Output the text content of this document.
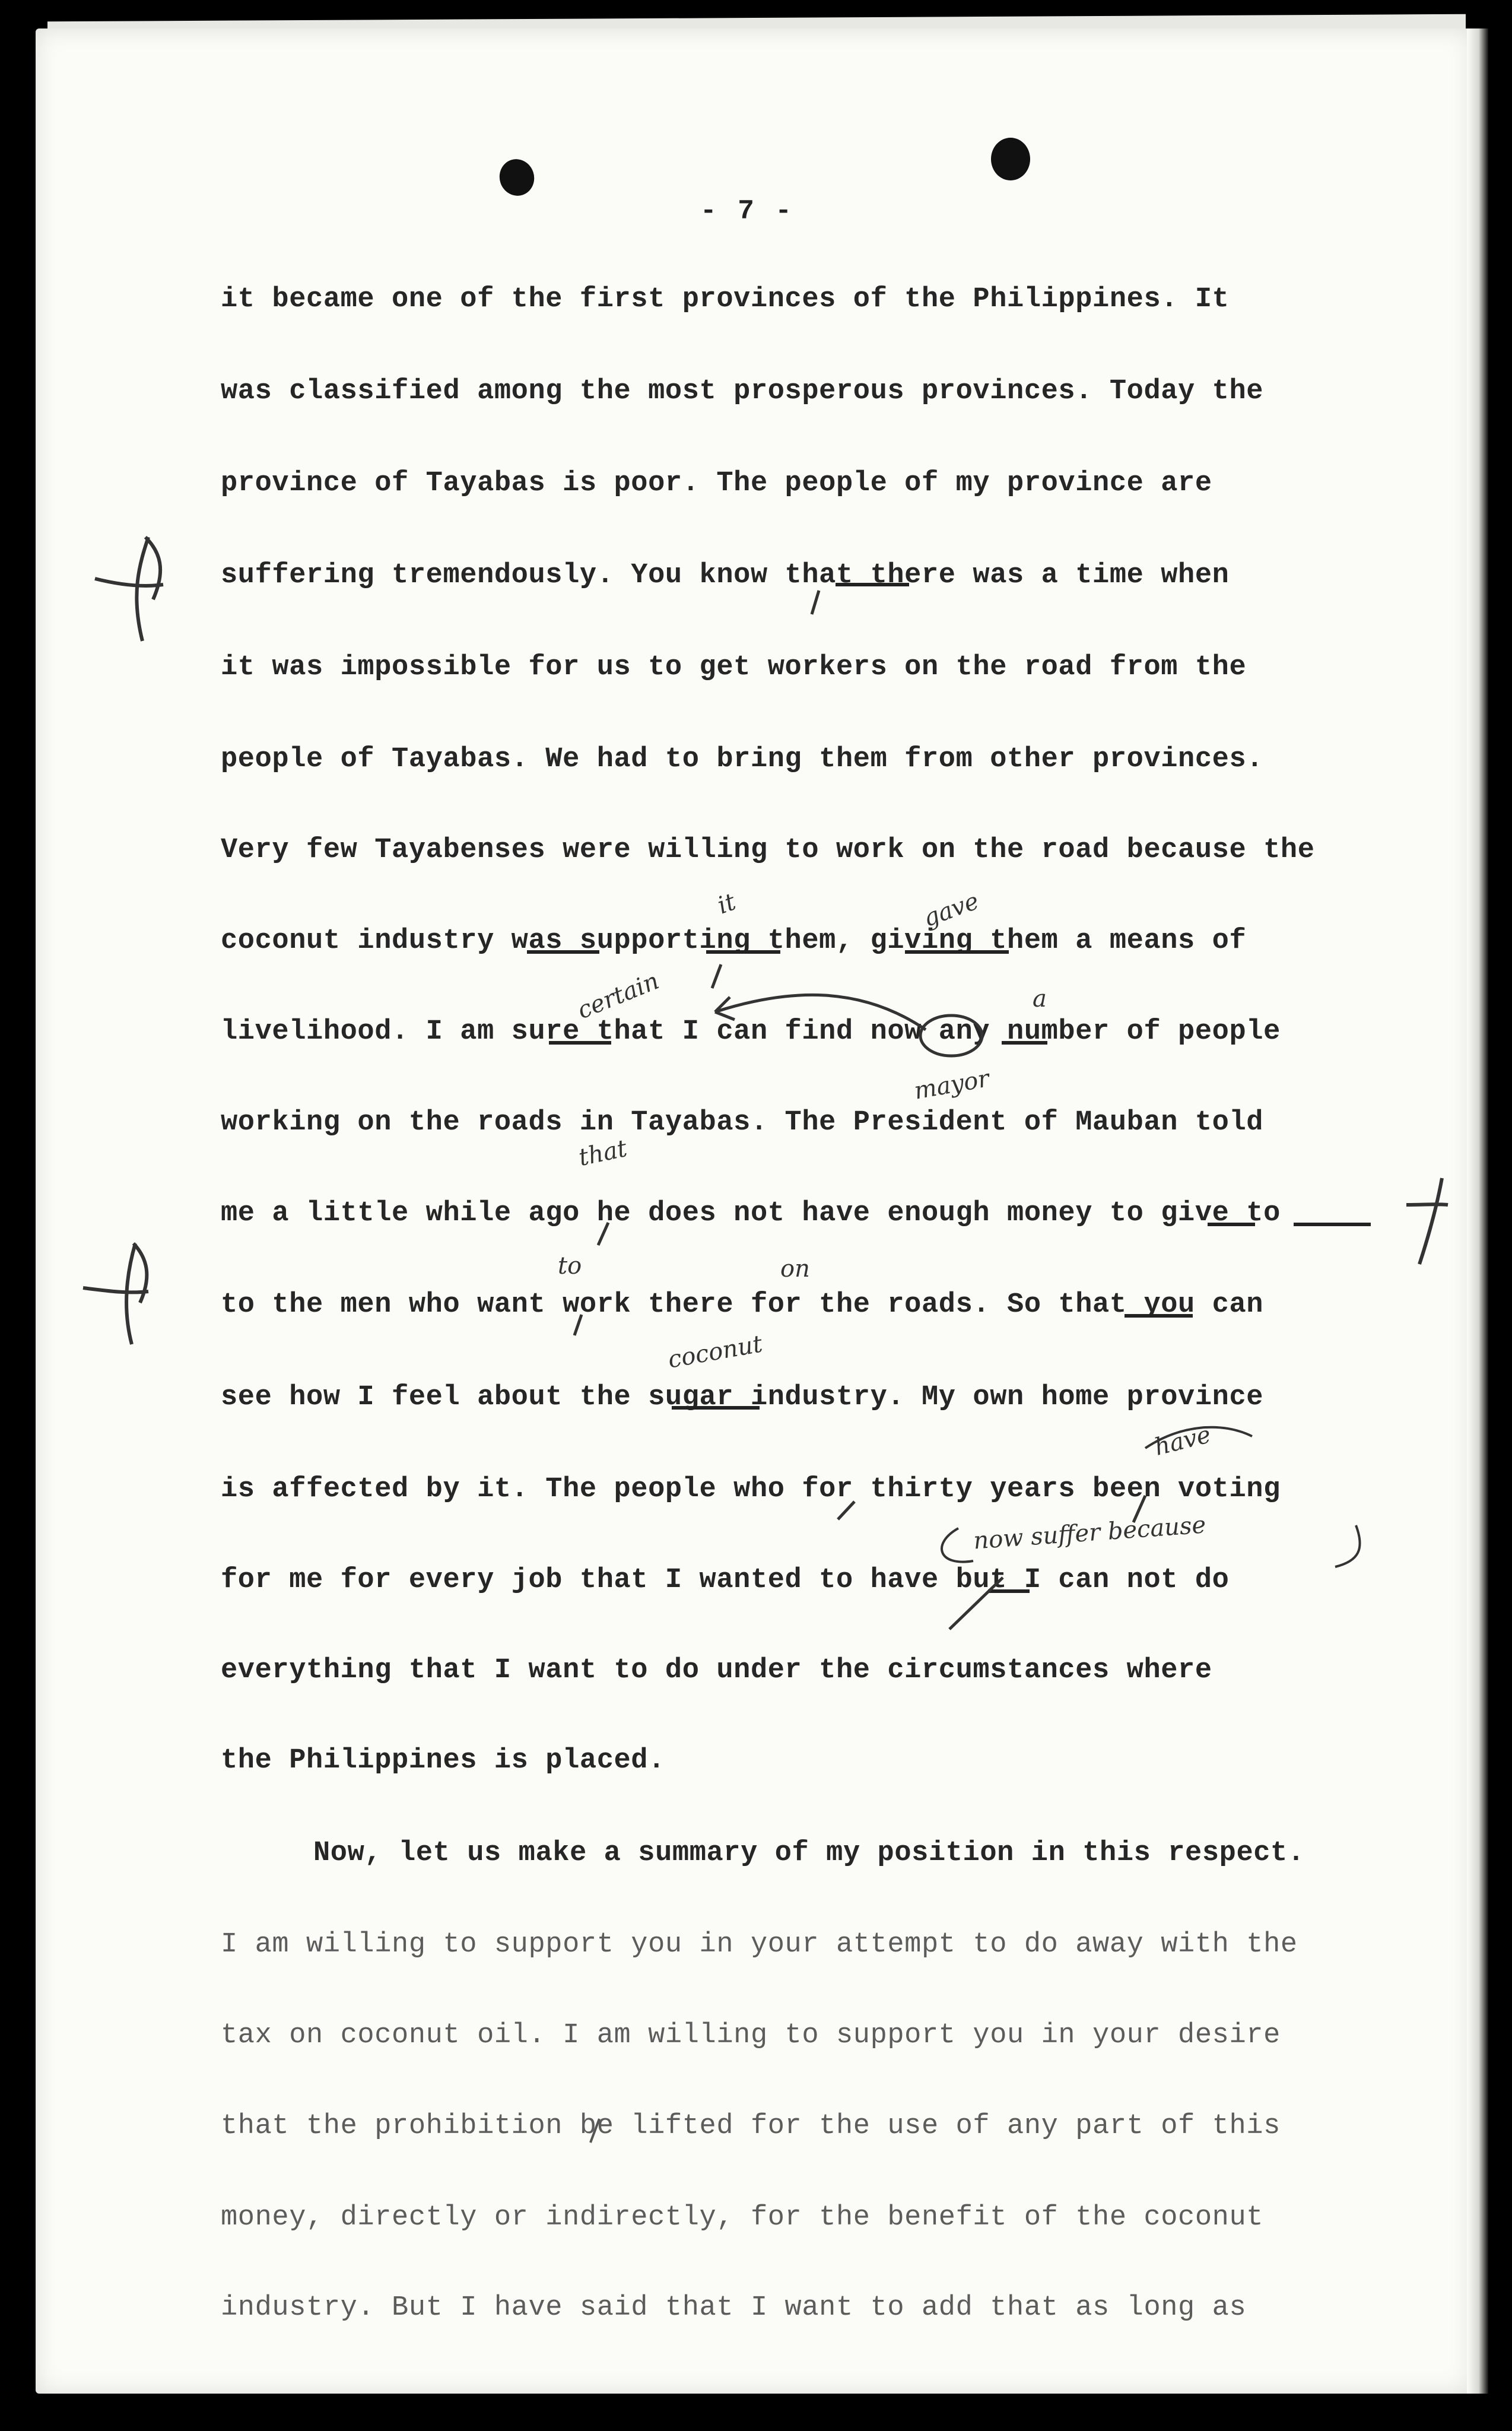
- 7 -
it became one of the first provinces of the Philippines. It
was classified among the most prosperous provinces. Today the
province of Tayabas is poor. The people of my province are
suffering tremendously. You know that there was a time when
it was impossible for us to get workers on the road from the
people of Tayabas. We had to bring them from other provinces.
Very few Tayabenses were willing to work on the road because the
coconut industry was supporting them, giving them a means of
livelihood. I am sure that I can find now any number of people
working on the roads in Tayabas. The President of Mauban told
me a little while ago he does not have enough money to give to
to the men who want work there for the roads. So that you can
see how I feel about the sugar industry. My own home province
is affected by it. The people who for thirty years been voting
for me for every job that I wanted to have but I can not do
everything that I want to do under the circumstances where
the Philippines is placed.
Now, let us make a summary of my position in this respect.
I am willing to support you in your attempt to do away with the
tax on coconut oil. I am willing to support you in your desire
that the prohibition be lifted for the use of any part of this
money, directly or indirectly, for the benefit of the coconut
industry. But I have said that I want to add that as long as
it	gave
certain	a
mayor
that
to	on
coconut
have
now suffer because
